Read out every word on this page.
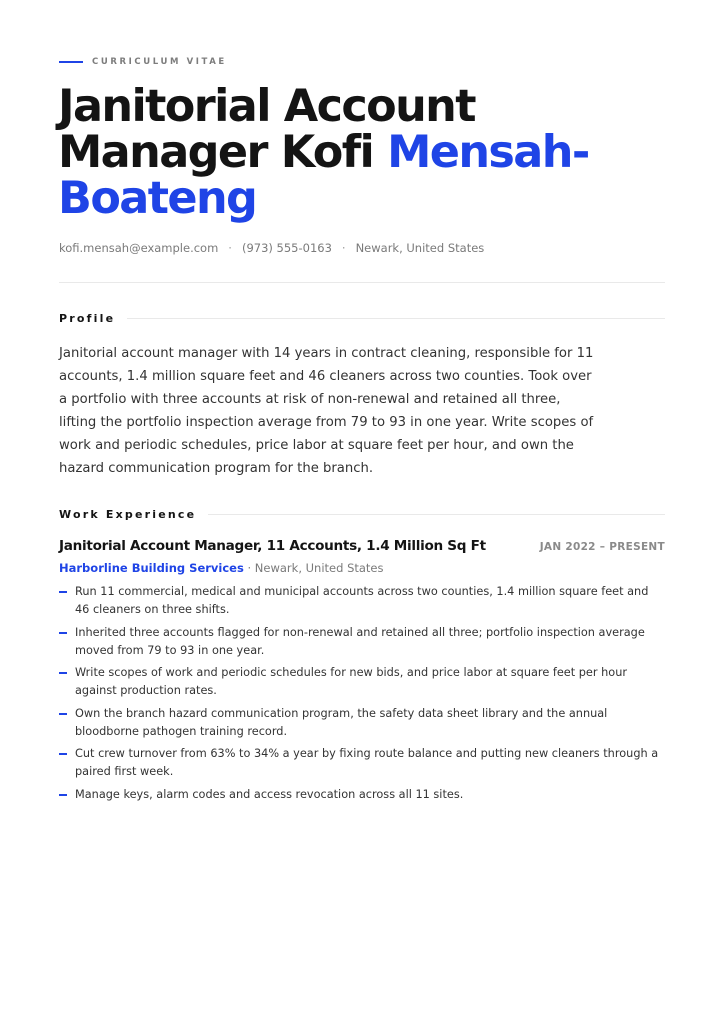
CURRICULUM VITAE
Janitorial Account Manager Kofi Mensah-Boateng
kofi.mensah@example.com · (973) 555-0163 · Newark, United States
Profile
Janitorial account manager with 14 years in contract cleaning, responsible for 11 accounts, 1.4 million square feet and 46 cleaners across two counties. Took over a portfolio with three accounts at risk of non-renewal and retained all three, lifting the portfolio inspection average from 79 to 93 in one year. Write scopes of work and periodic schedules, price labor at square feet per hour, and own the hazard communication program for the branch.
Work Experience
Janitorial Account Manager, 11 Accounts, 1.4 Million Sq Ft	JAN 2022 – PRESENT
Harborline Building Services · Newark, United States
Run 11 commercial, medical and municipal accounts across two counties, 1.4 million square feet and 46 cleaners on three shifts.
Inherited three accounts flagged for non-renewal and retained all three; portfolio inspection average moved from 79 to 93 in one year.
Write scopes of work and periodic schedules for new bids, and price labor at square feet per hour against production rates.
Own the branch hazard communication program, the safety data sheet library and the annual bloodborne pathogen training record.
Cut crew turnover from 63% to 34% a year by fixing route balance and putting new cleaners through a paired first week.
Manage keys, alarm codes and access revocation across all 11 sites.
